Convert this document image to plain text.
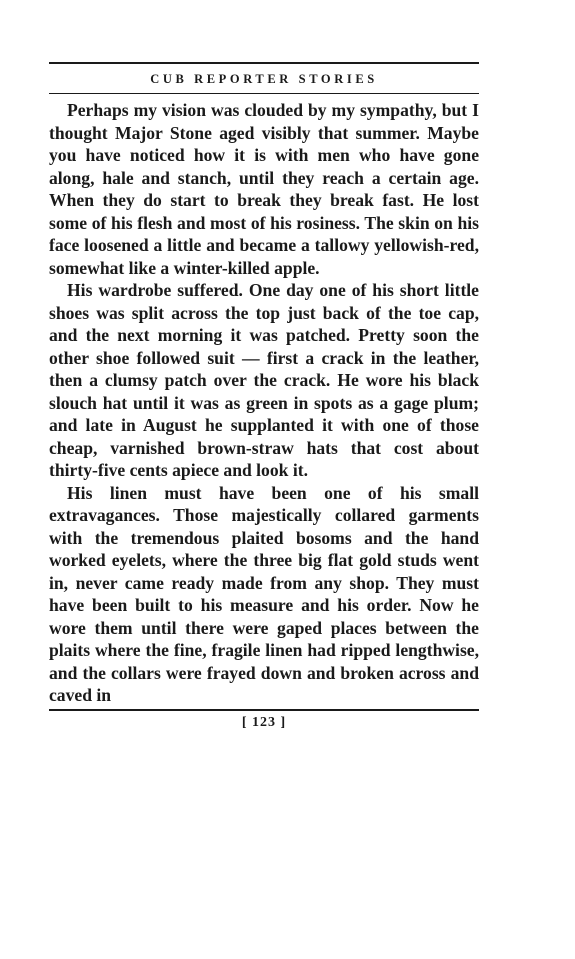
CUB REPORTER STORIES

Perhaps my vision was clouded by my sympathy, but I thought Major Stone aged visibly that summer. Maybe you have noticed how it is with men who have gone along, hale and stanch, until they reach a certain age. When they do start to break they break fast. He lost some of his flesh and most of his rosiness. The skin on his face loosened a little and became a tallowy yellowish-red, somewhat like a winter-killed apple.

His wardrobe suffered. One day one of his short little shoes was split across the top just back of the toe cap, and the next morning it was patched. Pretty soon the other shoe followed suit — first a crack in the leather, then a clumsy patch over the crack. He wore his black slouch hat until it was as green in spots as a gage plum; and late in August he supplanted it with one of those cheap, varnished brown-straw hats that cost about thirty-five cents apiece and look it.

His linen must have been one of his small extravagances. Those majestically collared garments with the tremendous plaited bosoms and the hand worked eyelets, where the three big flat gold studs went in, never came ready made from any shop. They must have been built to his measure and his order. Now he wore them until there were gaped places between the plaits where the fine, fragile linen had ripped lengthwise, and the collars were frayed down and broken across and caved in

[ 123 ]
